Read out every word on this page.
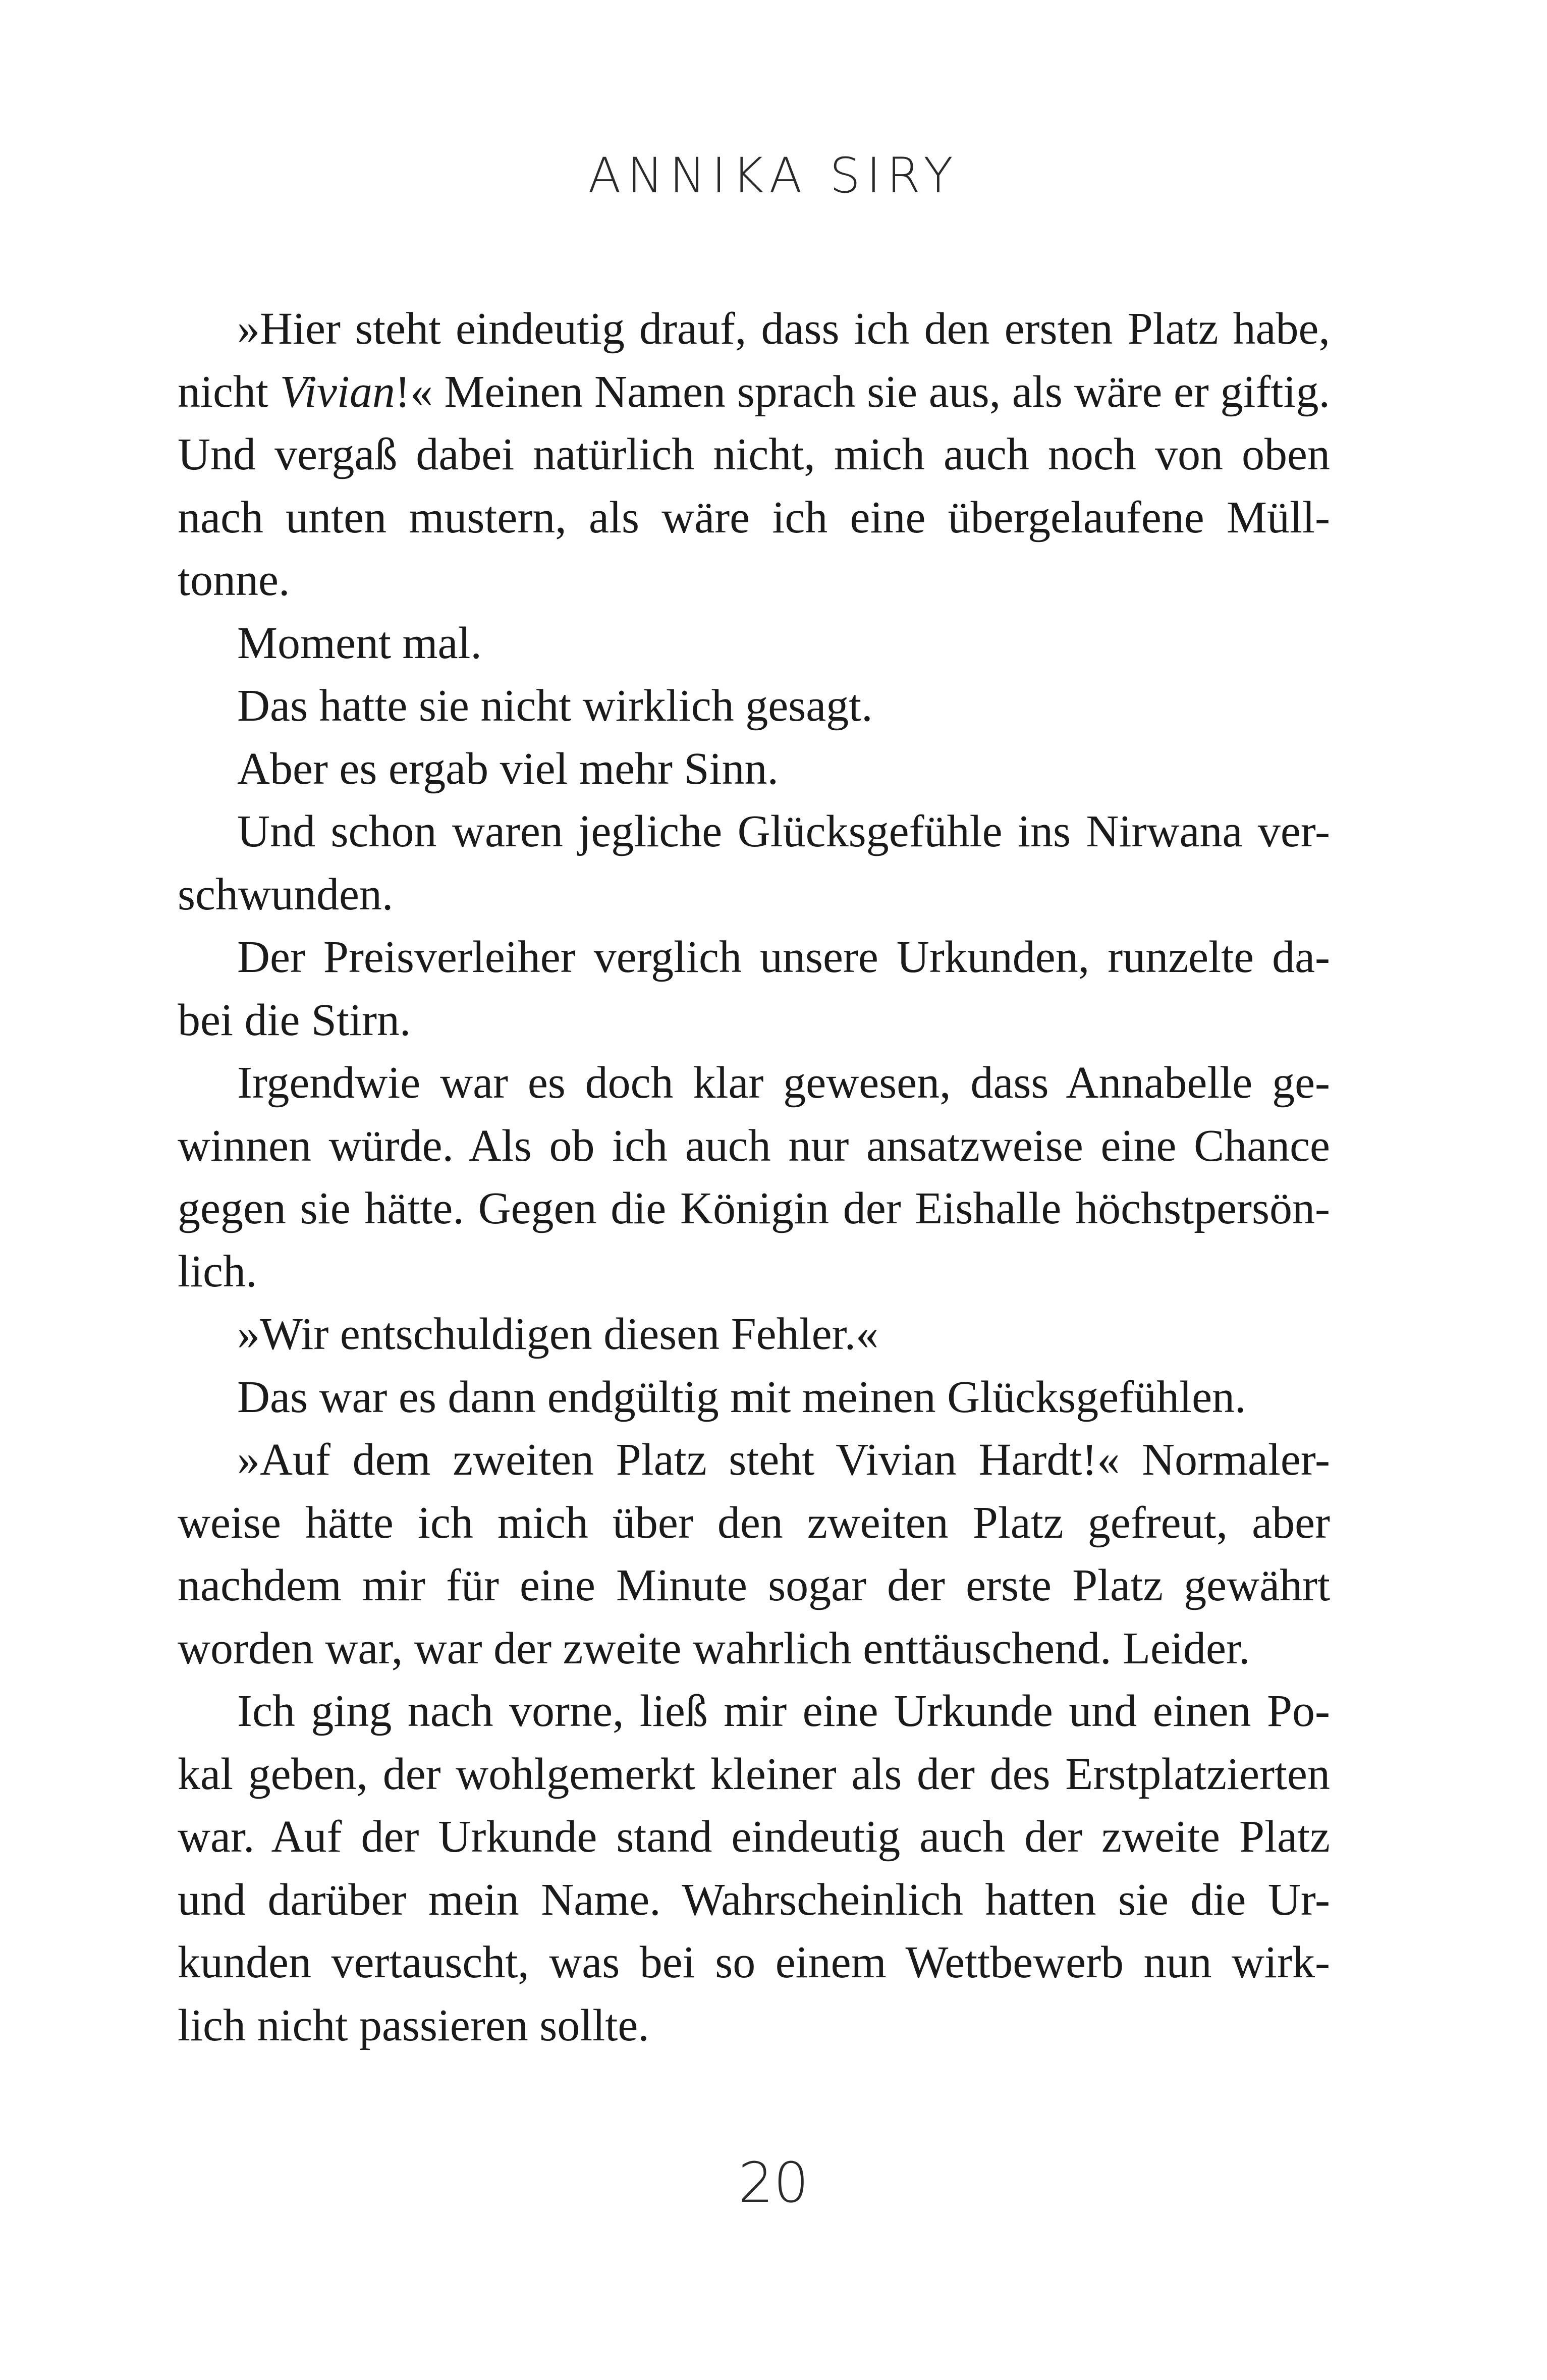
ANNIKA SIRY
»Hier steht eindeutig drauf, dass ich den ersten Platz habe,
nicht Vivian!« Meinen Namen sprach sie aus, als wäre er giftig.
Und vergaß dabei natürlich nicht, mich auch noch von oben
nach unten mustern, als wäre ich eine übergelaufene Müll-
tonne.
Moment mal.
Das hatte sie nicht wirklich gesagt.
Aber es ergab viel mehr Sinn.
Und schon waren jegliche Glücksgefühle ins Nirwana ver-
schwunden.
Der Preisverleiher verglich unsere Urkunden, runzelte da-
bei die Stirn.
Irgendwie war es doch klar gewesen, dass Annabelle ge-
winnen würde. Als ob ich auch nur ansatzweise eine Chance
gegen sie hätte. Gegen die Königin der Eishalle höchstpersön-
lich.
»Wir entschuldigen diesen Fehler.«
Das war es dann endgültig mit meinen Glücksgefühlen.
»Auf dem zweiten Platz steht Vivian Hardt!« Normaler-
weise hätte ich mich über den zweiten Platz gefreut, aber
nachdem mir für eine Minute sogar der erste Platz gewährt
worden war, war der zweite wahrlich enttäuschend. Leider.
Ich ging nach vorne, ließ mir eine Urkunde und einen Po-
kal geben, der wohlgemerkt kleiner als der des Erstplatzierten
war. Auf der Urkunde stand eindeutig auch der zweite Platz
und darüber mein Name. Wahrscheinlich hatten sie die Ur-
kunden vertauscht, was bei so einem Wettbewerb nun wirk-
lich nicht passieren sollte.
20
